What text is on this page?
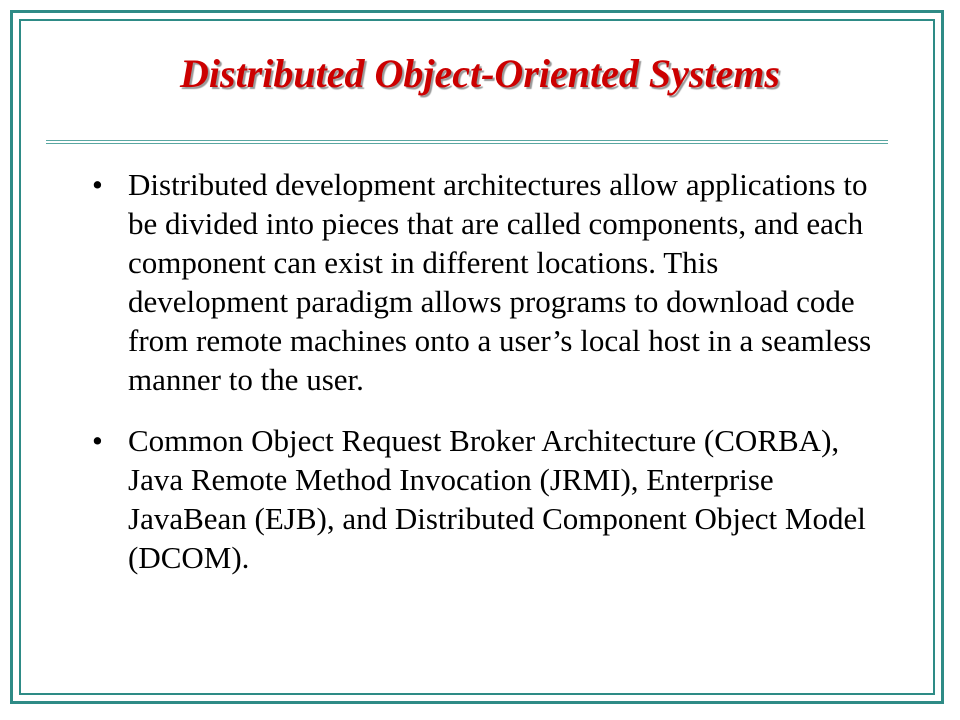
Distributed Object-Oriented Systems
• Distributed development architectures allow applications to be divided into pieces that are called components, and each component can exist in different locations. This development paradigm allows programs to download code from remote machines onto a user’s local host in a seamless manner to the user.
• Common Object Request Broker Architecture (CORBA), Java Remote Method Invocation (JRMI), Enterprise JavaBean (EJB), and Distributed Component Object Model (DCOM).
